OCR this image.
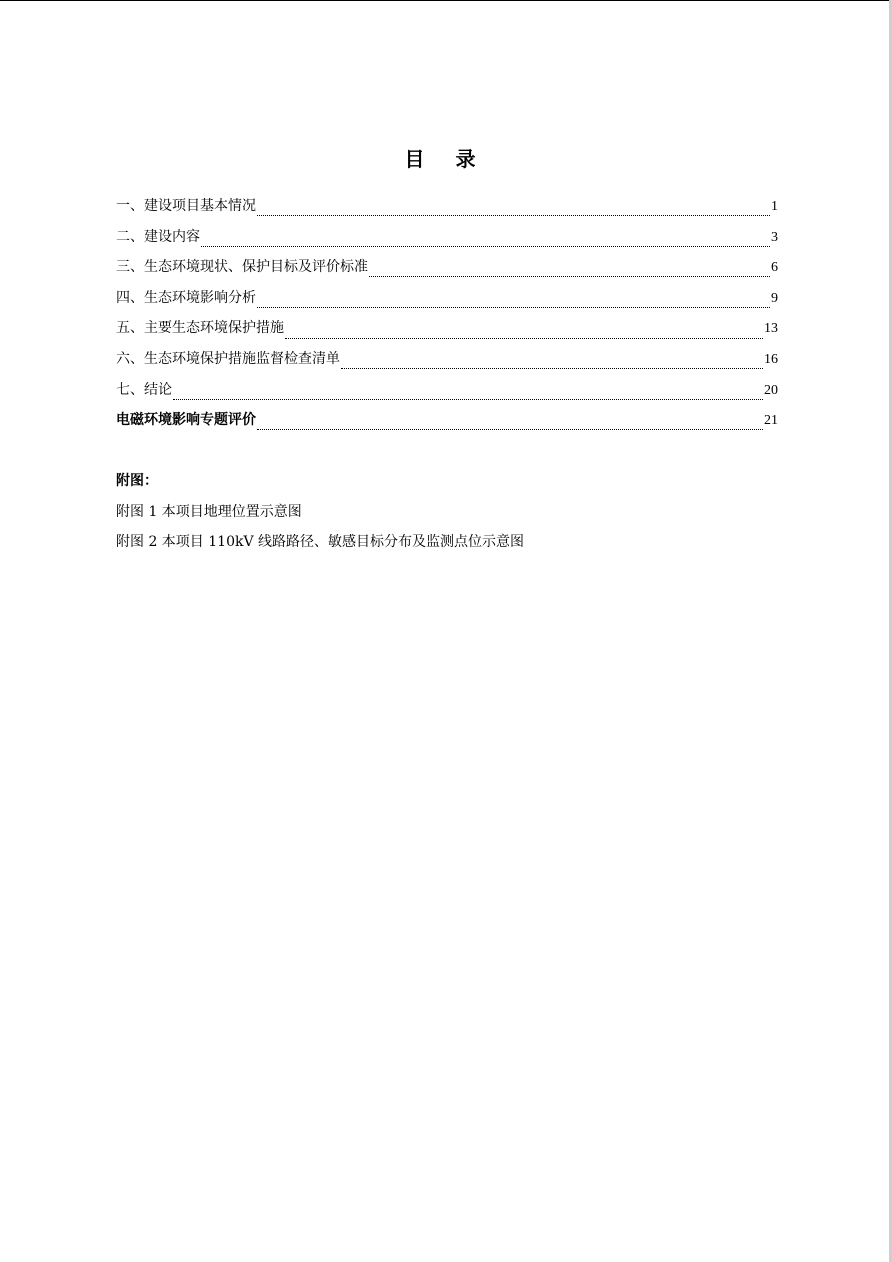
目 录
一、建设项目基本情况	1
二、建设内容	3
三、生态环境现状、保护目标及评价标准	6
四、生态环境影响分析	9
五、主要生态环境保护措施	13
六、生态环境保护措施监督检查清单	16
七、结论	20
电磁环境影响专题评价	21
附图：
附图 1 本项目地理位置示意图
附图 2 本项目 110kV 线路路径、敏感目标分布及监测点位示意图
